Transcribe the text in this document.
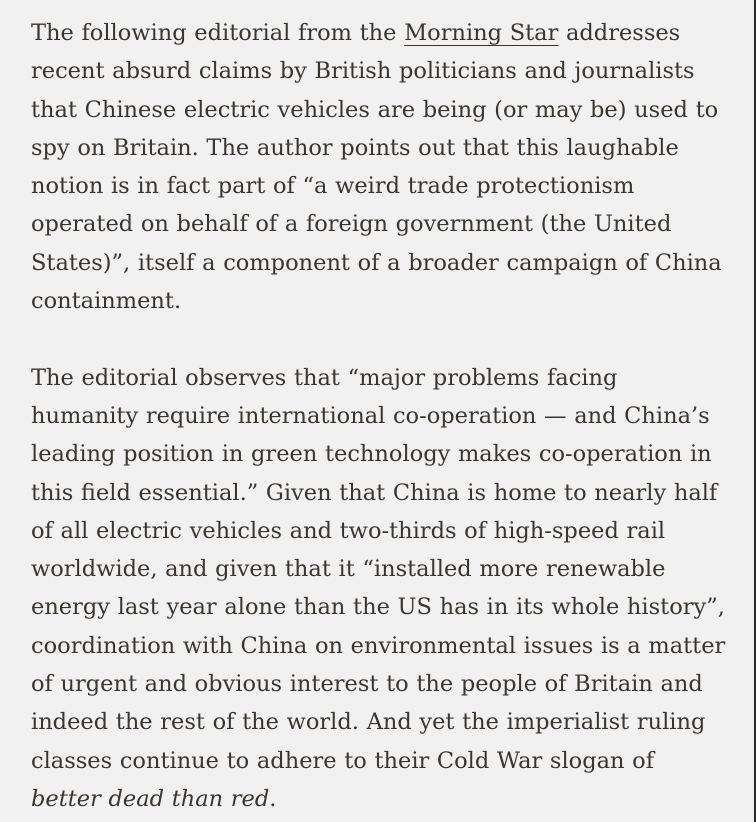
The following editorial from the Morning Star addresses recent absurd claims by British politicians and journalists that Chinese electric vehicles are being (or may be) used to spy on Britain. The author points out that this laughable notion is in fact part of “a weird trade protectionism operated on behalf of a foreign government (the United States)”, itself a component of a broader campaign of China containment.

The editorial observes that “major problems facing humanity require international co-operation — and China’s leading position in green technology makes co-operation in this field essential.” Given that China is home to nearly half of all electric vehicles and two-thirds of high-speed rail worldwide, and given that it “installed more renewable energy last year alone than the US has in its whole history”, coordination with China on environmental issues is a matter of urgent and obvious interest to the people of Britain and indeed the rest of the world. And yet the imperialist ruling classes continue to adhere to their Cold War slogan of better dead than red.
